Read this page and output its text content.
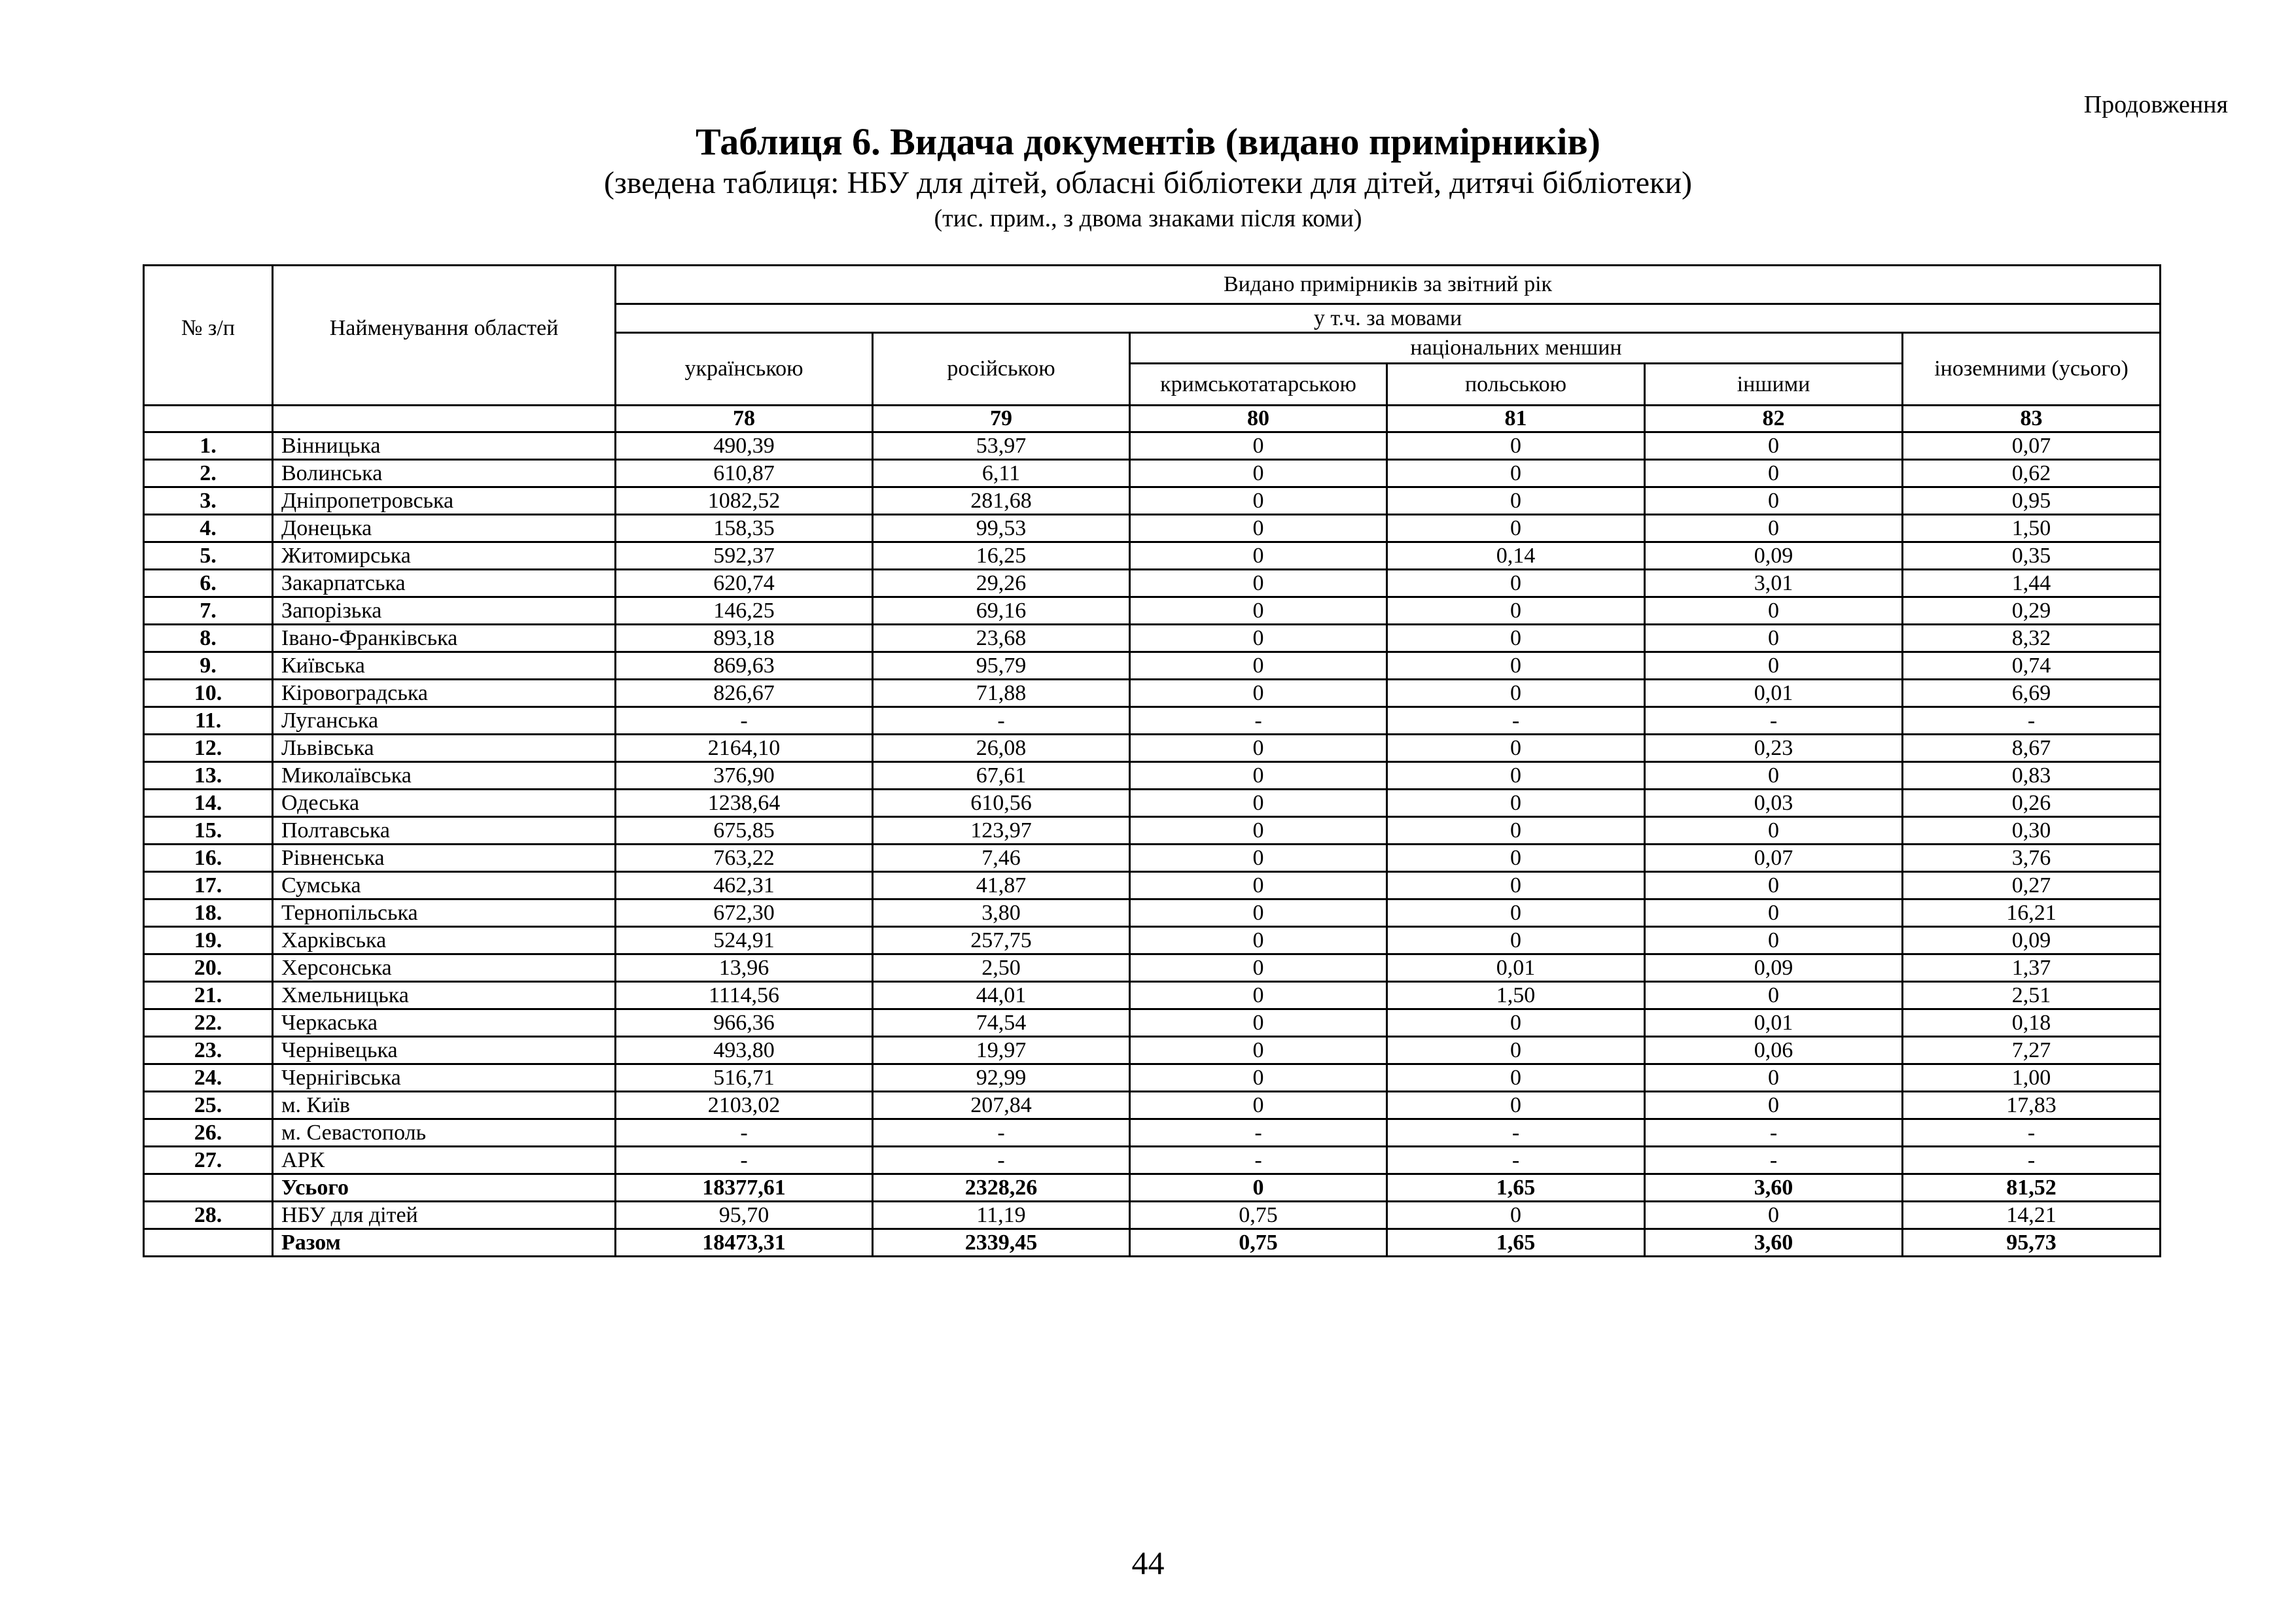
Продовження
Таблиця 6. Видача документів (видано примірників)
(зведена таблиця: НБУ для дітей, обласні бібліотеки для дітей, дитячі бібліотеки)
(тис. прим., з двома знаками після коми)
№ з/п	Найменування областей	Видано примірників за звітний рік					
		у т.ч. за мовами					
		українською	російською	національних меншин			іноземними (усього)
				кримськотатарською	польською	іншими	
		78	79	80	81	82	83
1.	Вінницька	490,39	53,97	0	0	0	0,07
2.	Волинська	610,87	6,11	0	0	0	0,62
3.	Дніпропетровська	1082,52	281,68	0	0	0	0,95
4.	Донецька	158,35	99,53	0	0	0	1,50
5.	Житомирська	592,37	16,25	0	0,14	0,09	0,35
6.	Закарпатська	620,74	29,26	0	0	3,01	1,44
7.	Запорізька	146,25	69,16	0	0	0	0,29
8.	Івано-Франківська	893,18	23,68	0	0	0	8,32
9.	Київська	869,63	95,79	0	0	0	0,74
10.	Кіровоградська	826,67	71,88	0	0	0,01	6,69
11.	Луганська	-	-	-	-	-	-
12.	Львівська	2164,10	26,08	0	0	0,23	8,67
13.	Миколаївська	376,90	67,61	0	0	0	0,83
14.	Одеська	1238,64	610,56	0	0	0,03	0,26
15.	Полтавська	675,85	123,97	0	0	0	0,30
16.	Рівненська	763,22	7,46	0	0	0,07	3,76
17.	Сумська	462,31	41,87	0	0	0	0,27
18.	Тернопільська	672,30	3,80	0	0	0	16,21
19.	Харківська	524,91	257,75	0	0	0	0,09
20.	Херсонська	13,96	2,50	0	0,01	0,09	1,37
21.	Хмельницька	1114,56	44,01	0	1,50	0	2,51
22.	Черкаська	966,36	74,54	0	0	0,01	0,18
23.	Чернівецька	493,80	19,97	0	0	0,06	7,27
24.	Чернігівська	516,71	92,99	0	0	0	1,00
25.	м. Київ	2103,02	207,84	0	0	0	17,83
26.	м. Севастополь	-	-	-	-	-	-
27.	АРК	-	-	-	-	-	-
	Усього	18377,61	2328,26	0	1,65	3,60	81,52
28.	НБУ для дітей	95,70	11,19	0,75	0	0	14,21
	Разом	18473,31	2339,45	0,75	1,65	3,60	95,73
44
